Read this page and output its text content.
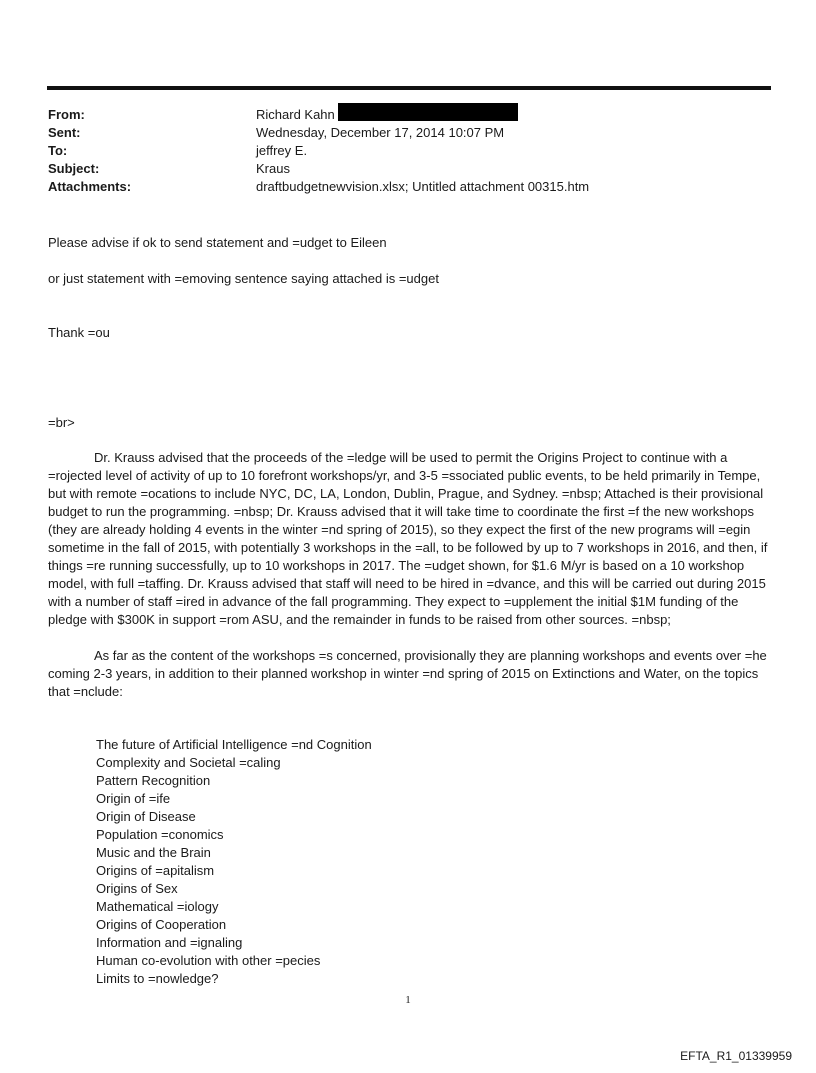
From:	Richard Kahn
Sent:	Wednesday, December 17, 2014 10:07 PM
To:	jeffrey E.
Subject:	Kraus
Attachments:	draftbudgetnewvision.xlsx; Untitled attachment 00315.htm
Please advise if ok to send statement and =udget to Eileen
or just statement with =emoving sentence saying attached is =udget
Thank =ou
=br>

Dr. Krauss advised that the proceeds of the =ledge will be used to permit the Origins Project to continue with a =rojected level of activity of up to 10 forefront workshops/yr, and 3-5 =ssociated public events, to be held primarily in Tempe, but with remote =ocations to include NYC, DC, LA, London, Dublin, Prague, and Sydney. =nbsp; Attached is their provisional budget to run the programming. =nbsp; Dr. Krauss advised that it will take time to coordinate the first =f the new workshops (they are already holding 4 events in the winter =nd spring of 2015), so they expect the first of the new programs will =egin sometime in the fall of 2015, with potentially 3 workshops in the =all, to be followed by up to 7 workshops in 2016, and then, if things =re running successfully, up to 10 workshops in 2017. The =udget shown, for $1.6 M/yr is based on a 10 workshop model, with full =taffing. Dr. Krauss advised that staff will need to be hired in =dvance, and this will be carried out during 2015 with a number of staff =ired in advance of the fall programming. They expect to =upplement the initial $1M funding of the pledge with $300K in support =rom ASU, and the remainder in funds to be raised from other sources. =nbsp;

As far as the content of the workshops =s concerned, provisionally they are planning workshops and events over =he coming 2-3 years, in addition to their planned workshop in winter =nd spring of 2015 on Extinctions and Water, on the topics that =nclude:

The future of Artificial Intelligence =nd Cognition
Complexity and Societal =caling
Pattern Recognition
Origin of =ife
Origin of Disease
Population =conomics
Music and the Brain
Origins of =apitalism
Origins of Sex
Mathematical =iology
Origins of Cooperation
Information and =ignaling
Human co-evolution with other =pecies
Limits to =nowledge?
1
EFTA_R1_01339959
